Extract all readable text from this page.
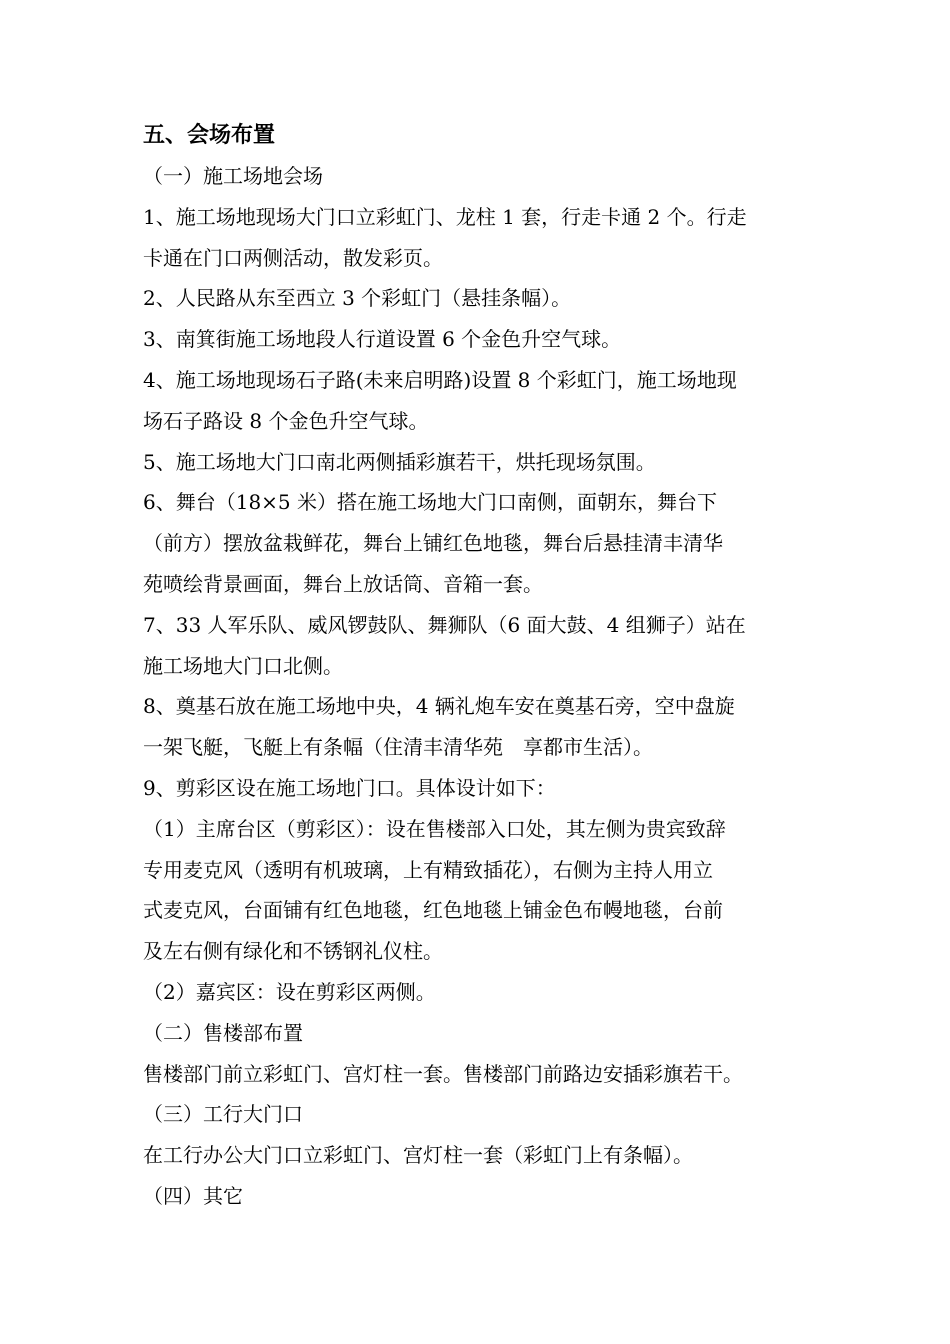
五、会场布置

（一）施工场地会场

1、施工场地现场大门口立彩虹门、龙柱 1 套，行走卡通 2 个。行走

卡通在门口两侧活动，散发彩页。

2、人民路从东至西立 3 个彩虹门（悬挂条幅）。

3、南箕街施工场地段人行道设置 6 个金色升空气球。

4、施工场地现场石子路(未来启明路)设置 8 个彩虹门，施工场地现

场石子路设 8 个金色升空气球。

5、施工场地大门口南北两侧插彩旗若干，烘托现场氛围。

6、舞台（18×5 米）搭在施工场地大门口南侧，面朝东，舞台下

（前方）摆放盆栽鲜花，舞台上铺红色地毯，舞台后悬挂清丰清华

苑喷绘背景画面，舞台上放话筒、音箱一套。

7、33 人军乐队、威风锣鼓队、舞狮队（6 面大鼓、4 组狮子）站在

施工场地大门口北侧。

8、奠基石放在施工场地中央，4 辆礼炮车安在奠基石旁，空中盘旋

一架飞艇，飞艇上有条幅（住清丰清华苑　享都市生活）。

9、剪彩区设在施工场地门口。具体设计如下：

（1）主席台区（剪彩区）：设在售楼部入口处，其左侧为贵宾致辞

专用麦克风（透明有机玻璃，上有精致插花），右侧为主持人用立

式麦克风，台面铺有红色地毯，红色地毯上铺金色布幔地毯，台前

及左右侧有绿化和不锈钢礼仪柱。

（2）嘉宾区：设在剪彩区两侧。

（二）售楼部布置

售楼部门前立彩虹门、宫灯柱一套。售楼部门前路边安插彩旗若干。

（三）工行大门口

在工行办公大门口立彩虹门、宫灯柱一套（彩虹门上有条幅）。

（四）其它
